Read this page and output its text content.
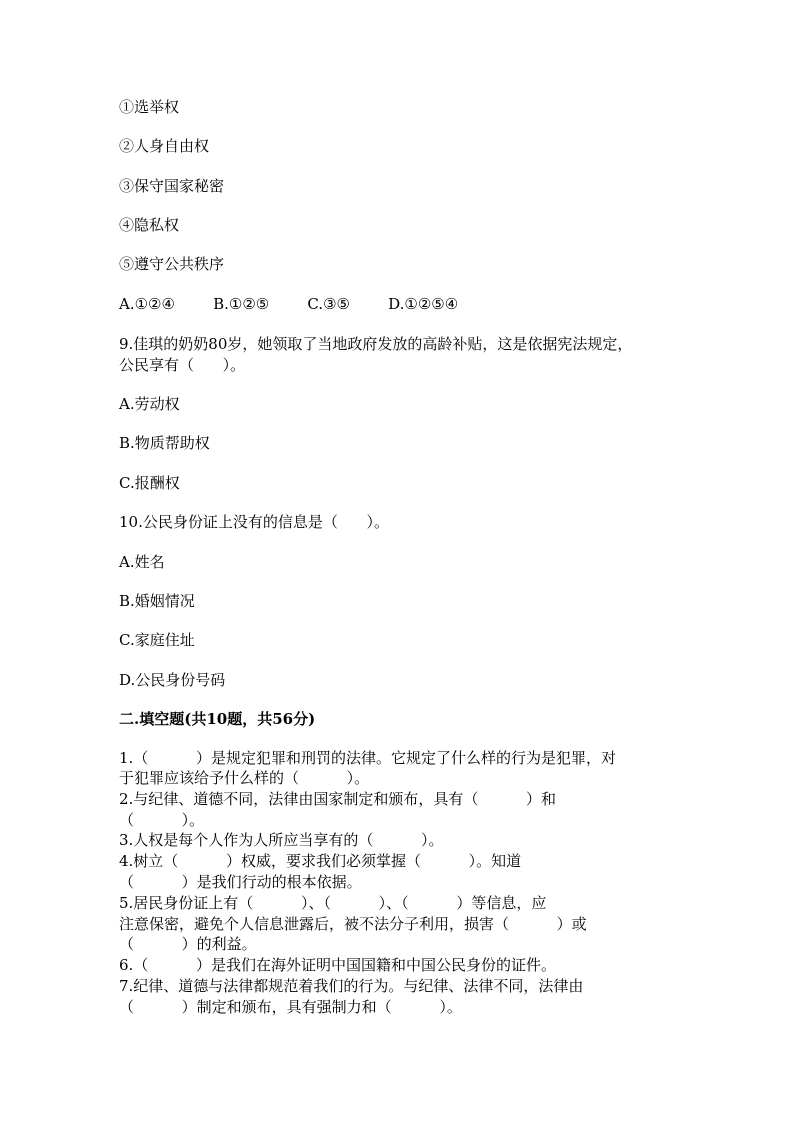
①选举权
②人身自由权
③保守国家秘密
④隐私权
⑤遵守公共秩序
A.①②④        B.①②⑤        C.③⑤        D.①②⑤④
9.佳琪的奶奶80岁，她领取了当地政府发放的高龄补贴，这是依据宪法规定，
公民享有（      ）。
A.劳动权
B.物质帮助权
C.报酬权
10.公民身份证上没有的信息是（      ）。
A.姓名
B.婚姻情况
C.家庭住址
D.公民身份号码
二.填空题(共10题，共56分)
1.（          ）是规定犯罪和刑罚的法律。它规定了什么样的行为是犯罪，对
于犯罪应该给予什么样的（          ）。
2.与纪律、道德不同，法律由国家制定和颁布，具有（          ）和
（          ）。
3.人权是每个人作为人所应当享有的（          ）。
4.树立（          ）权威，要求我们必须掌握（          ）。知道
（          ）是我们行动的根本依据。
5.居民身份证上有（          ）、（          ）、（          ）等信息，应
注意保密，避免个人信息泄露后，被不法分子利用，损害（          ）或
（          ）的利益。
6.（          ）是我们在海外证明中国国籍和中国公民身份的证件。
7.纪律、道德与法律都规范着我们的行为。与纪律、法律不同，法律由
（          ）制定和颁布，具有强制力和（          ）。
